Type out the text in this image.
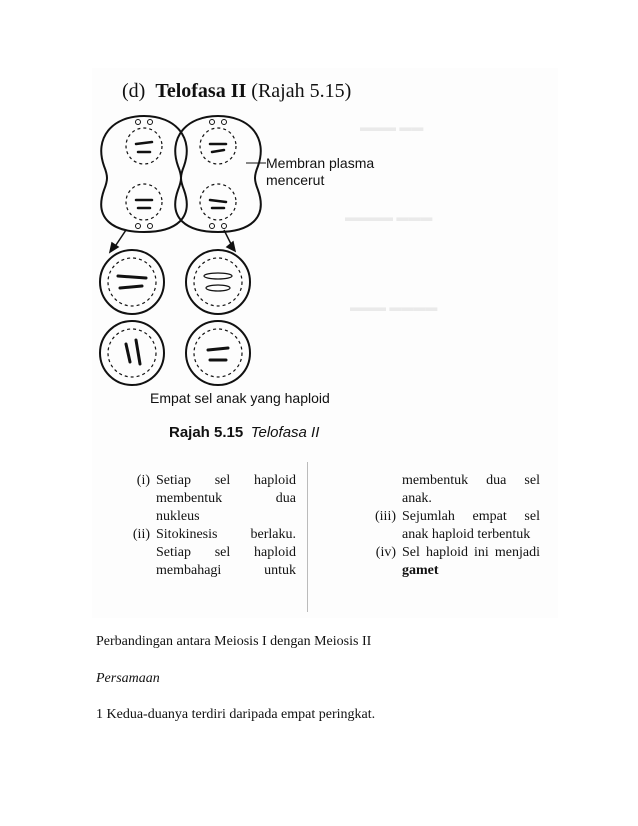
▬▬▬ ▬▬
▬▬▬▬ ▬▬▬
▬▬▬ ▬▬▬▬
(d) Telofasa II (Rajah 5.15)
Membran plasma
mencerut
Empat sel anak yang haploid
Rajah 5.15 Telofasa II
(i) Setiap sel haploid
membentuk dua
nukleus
(ii) Sitokinesis berlaku.
Setiap sel haploid
membahagi untuk
membentuk dua sel anak.
(iii) Sejumlah empat sel anak haploid terbentuk
(iv) Sel haploid ini menjadi gamet
Perbandingan antara Meiosis I dengan Meiosis II
Persamaan
1 Kedua-duanya terdiri daripada empat peringkat.
